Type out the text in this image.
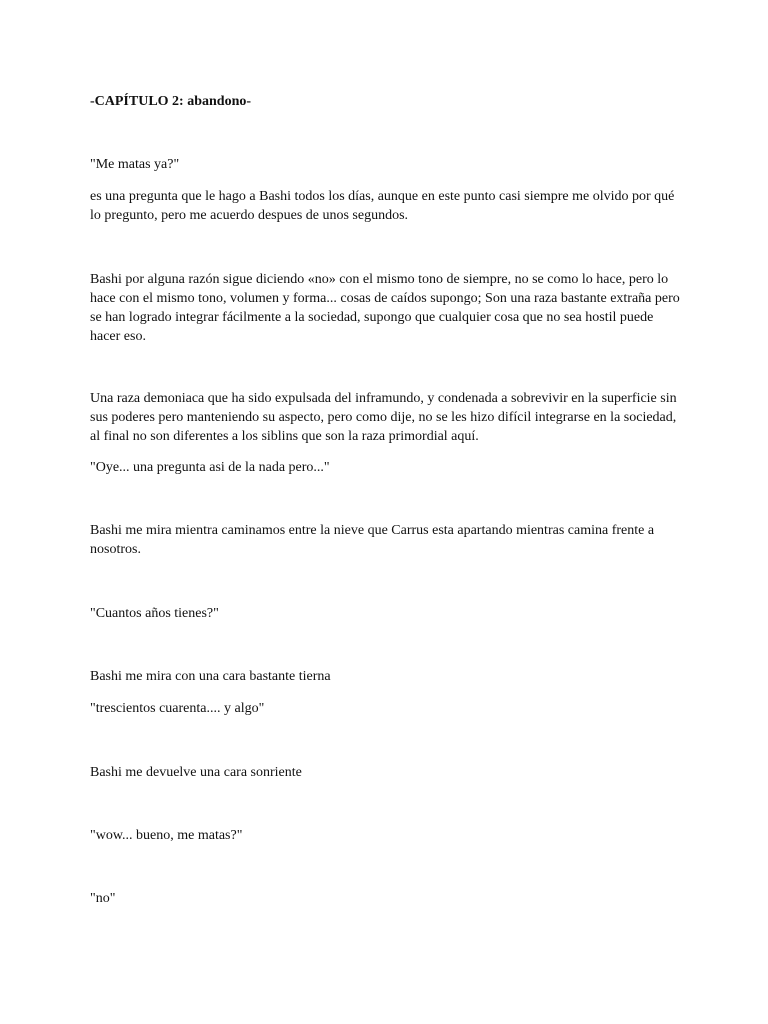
-CAPÍTULO 2: abandono-

"Me matas ya?"

es una pregunta que le hago a Bashi todos los días, aunque en este punto casi siempre me olvido por qué lo pregunto, pero me acuerdo despues de unos segundos.

Bashi por alguna razón sigue diciendo «no» con el mismo tono de siempre, no se como lo hace, pero lo hace con el mismo tono, volumen y forma... cosas de caídos supongo; Son una raza bastante extraña pero se han logrado integrar fácilmente a la sociedad, supongo que cualquier cosa que no sea hostil puede hacer eso.

Una raza demoniaca que ha sido expulsada del inframundo, y condenada a sobrevivir en la superficie sin sus poderes pero manteniendo su aspecto, pero como dije, no se les hizo difícil integrarse en la sociedad, al final no son diferentes a los siblins que son la raza primordial aquí.

"Oye... una pregunta asi de la nada pero..."

Bashi me mira mientra caminamos entre la nieve que Carrus esta apartando mientras camina frente a nosotros.

"Cuantos años tienes?"

Bashi me mira con una cara bastante tierna

"trescientos cuarenta.... y algo"

Bashi me devuelve una cara sonriente

"wow... bueno, me matas?"

"no"
